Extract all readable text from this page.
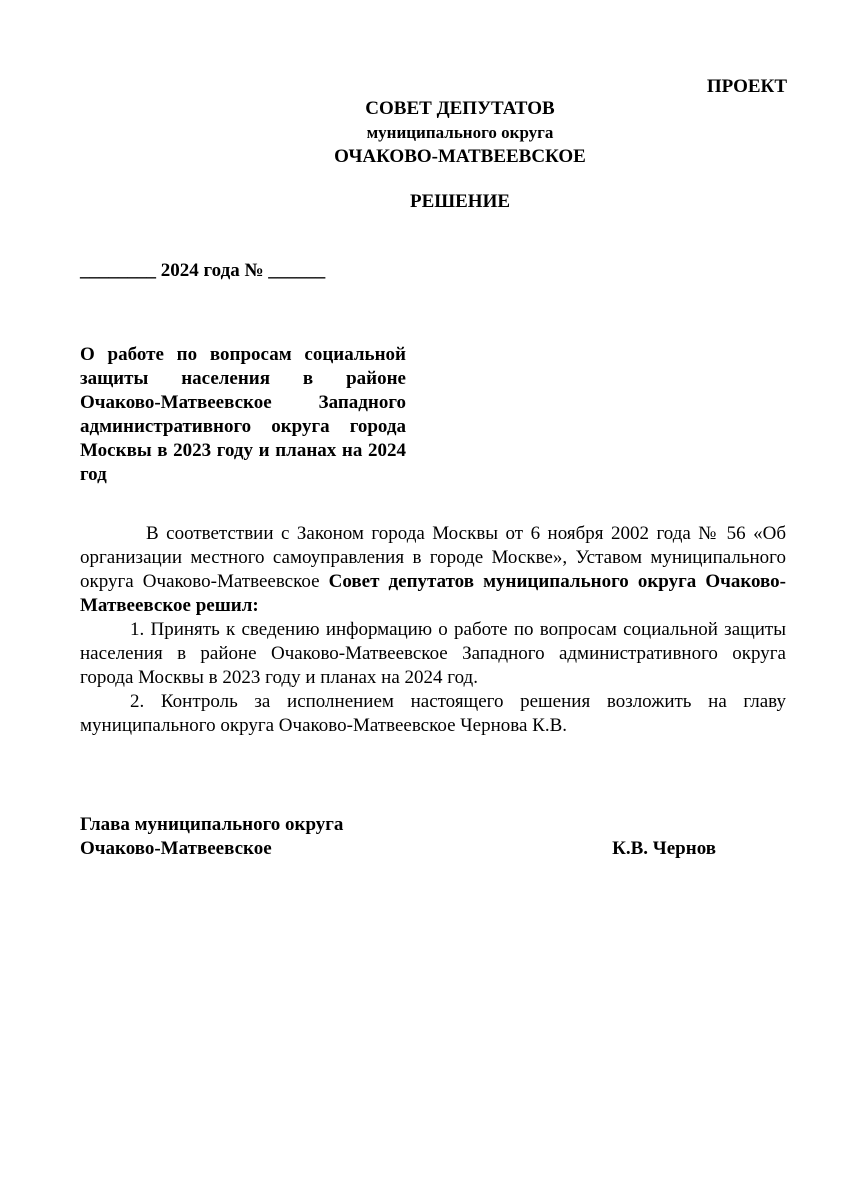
ПРОЕКТ
СОВЕТ ДЕПУТАТОВ
муниципального округа
ОЧАКОВО-МАТВЕЕВСКОЕ
РЕШЕНИЕ
________ 2024 года № ______
О работе по вопросам социальной защиты населения в районе Очаково-Матвеевское Западного административного округа города Москвы в 2023 году и планах на 2024 год

В соответствии с Законом города Москвы от 6 ноября 2002 года № 56 «Об организации местного самоуправления в городе Москве», Уставом муниципального округа Очаково-Матвеевское Совет депутатов муниципального округа Очаково-Матвеевское решил:

1. Принять к сведению информацию о работе по вопросам социальной защиты населения в районе Очаково-Матвеевское Западного административного округа города Москвы в 2023 году и планах на 2024 год.

2. Контроль за исполнением настоящего решения возложить на главу муниципального округа Очаково-Матвеевское Чернова К.В.

Глава муниципального округа
Очаково-Матвеевское	К.В. Чернов
